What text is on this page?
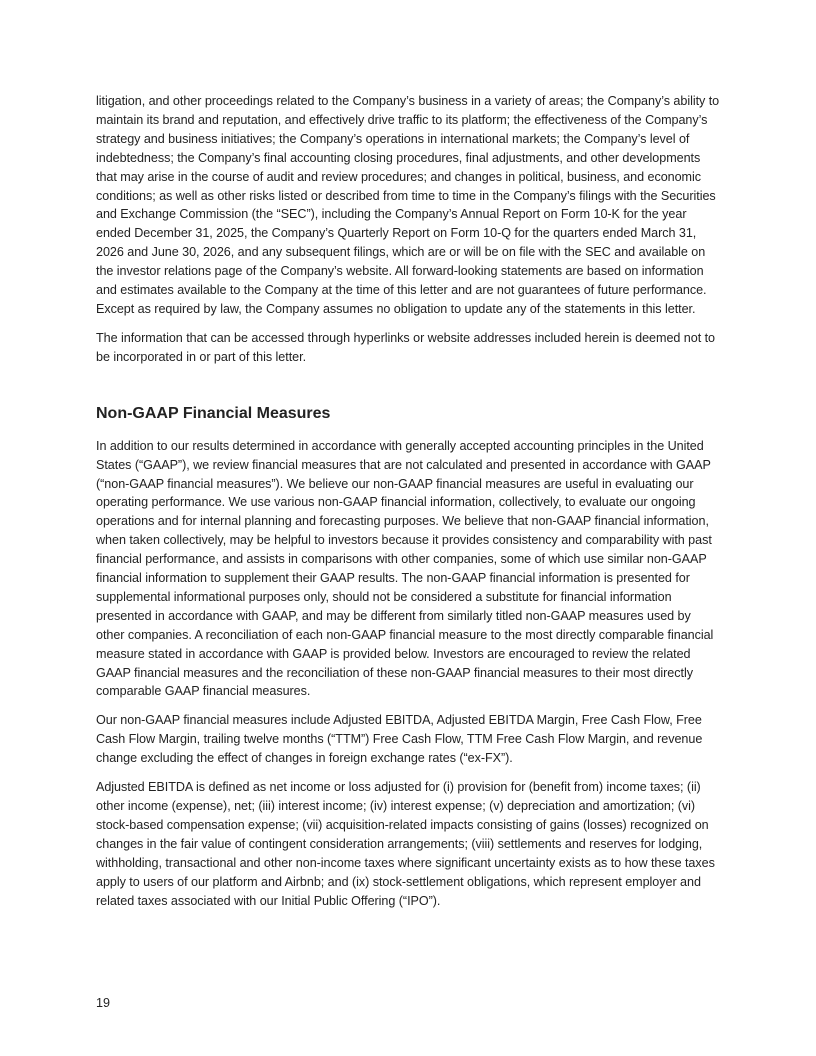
litigation, and other proceedings related to the Company’s business in a variety of areas; the Company’s ability to maintain its brand and reputation, and effectively drive traffic to its platform; the effectiveness of the Company’s strategy and business initiatives; the Company’s operations in international markets; the Company’s level of indebtedness; the Company’s final accounting closing procedures, final adjustments, and other developments that may arise in the course of audit and review procedures; and changes in political, business, and economic conditions; as well as other risks listed or described from time to time in the Company’s filings with the Securities and Exchange Commission (the “SEC”), including the Company’s Annual Report on Form 10-K for the year ended December 31, 2025, the Company’s Quarterly Report on Form 10-Q for the quarters ended March 31, 2026 and June 30, 2026, and any subsequent filings, which are or will be on file with the SEC and available on the investor relations page of the Company’s website. All forward-looking statements are based on information and estimates available to the Company at the time of this letter and are not guarantees of future performance. Except as required by law, the Company assumes no obligation to update any of the statements in this letter.

The information that can be accessed through hyperlinks or website addresses included herein is deemed not to be incorporated in or part of this letter.

Non-GAAP Financial Measures

In addition to our results determined in accordance with generally accepted accounting principles in the United States (“GAAP”), we review financial measures that are not calculated and presented in accordance with GAAP (“non-GAAP financial measures”). We believe our non-GAAP financial measures are useful in evaluating our operating performance. We use various non-GAAP financial information, collectively, to evaluate our ongoing operations and for internal planning and forecasting purposes. We believe that non-GAAP financial information, when taken collectively, may be helpful to investors because it provides consistency and comparability with past financial performance, and assists in comparisons with other companies, some of which use similar non-GAAP financial information to supplement their GAAP results. The non-GAAP financial information is presented for supplemental informational purposes only, should not be considered a substitute for financial information presented in accordance with GAAP, and may be different from similarly titled non-GAAP measures used by other companies. A reconciliation of each non-GAAP financial measure to the most directly comparable financial measure stated in accordance with GAAP is provided below. Investors are encouraged to review the related GAAP financial measures and the reconciliation of these non-GAAP financial measures to their most directly comparable GAAP financial measures.

Our non-GAAP financial measures include Adjusted EBITDA, Adjusted EBITDA Margin, Free Cash Flow, Free Cash Flow Margin, trailing twelve months (“TTM”) Free Cash Flow, TTM Free Cash Flow Margin, and revenue change excluding the effect of changes in foreign exchange rates (“ex-FX”).

Adjusted EBITDA is defined as net income or loss adjusted for (i) provision for (benefit from) income taxes; (ii) other income (expense), net; (iii) interest income; (iv) interest expense; (v) depreciation and amortization; (vi) stock-based compensation expense; (vii) acquisition-related impacts consisting of gains (losses) recognized on changes in the fair value of contingent consideration arrangements; (viii) settlements and reserves for lodging, withholding, transactional and other non-income taxes where significant uncertainty exists as to how these taxes apply to users of our platform and Airbnb; and (ix) stock-settlement obligations, which represent employer and related taxes associated with our Initial Public Offering (“IPO”).

19
